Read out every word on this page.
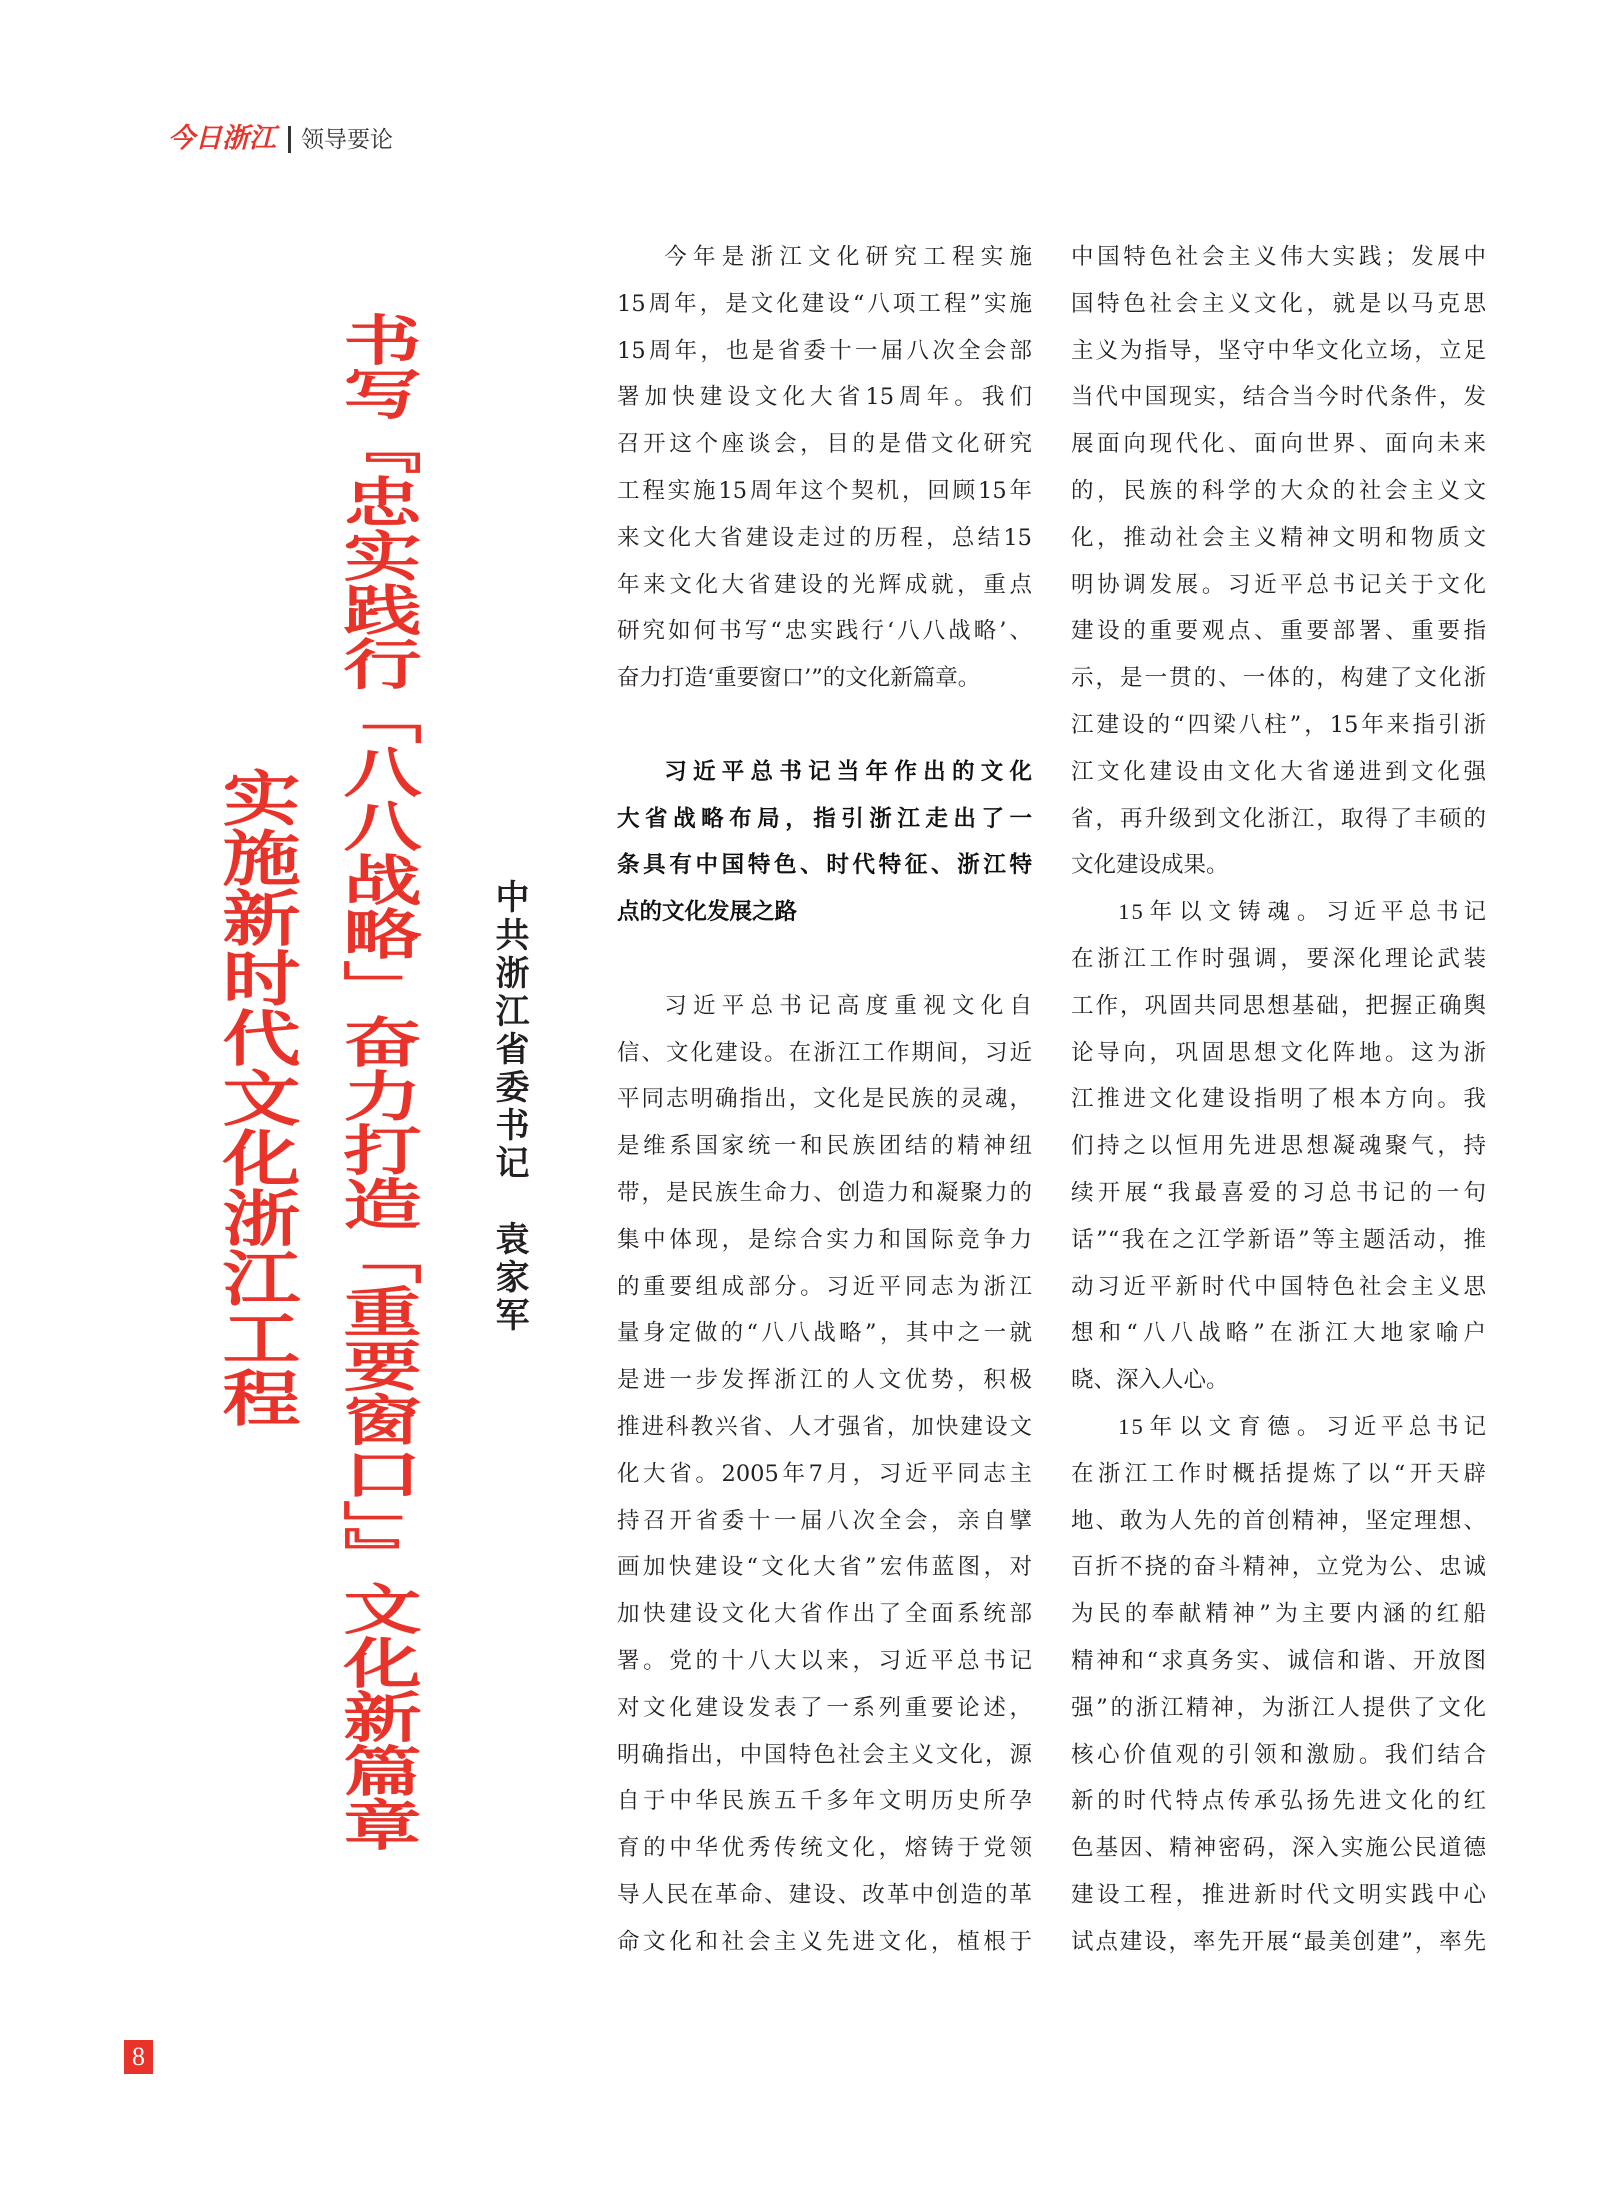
今日浙江 领导要论
书写『忠实践行「八八战略」奋力打造「重要窗口」』文化新篇章
实施新时代文化浙江工程	中共浙江省委书记　袁家军
今年是浙江文化研究工程实施
15周年，是文化建设“八项工程”实施
15周年，也是省委十一届八次全会部
署加快建设文化大省15周年。我们
召开这个座谈会，目的是借文化研究
工程实施15周年这个契机，回顾15年
来文化大省建设走过的历程，总结15
年来文化大省建设的光辉成就，重点
研究如何书写“忠实践行‘八八战略’、
奋力打造‘重要窗口’”的文化新篇章。
习近平总书记当年作出的文化
大省战略布局，指引浙江走出了一
条具有中国特色、时代特征、浙江特
点的文化发展之路
习近平总书记高度重视文化自
信、文化建设。在浙江工作期间，习近
平同志明确指出，文化是民族的灵魂，
是维系国家统一和民族团结的精神纽
带，是民族生命力、创造力和凝聚力的
集中体现，是综合实力和国际竞争力
的重要组成部分。习近平同志为浙江
量身定做的“八八战略”，其中之一就
是进一步发挥浙江的人文优势，积极
推进科教兴省、人才强省，加快建设文
化大省。2005年7月，习近平同志主
持召开省委十一届八次全会，亲自擘
画加快建设“文化大省”宏伟蓝图，对
加快建设文化大省作出了全面系统部
署。党的十八大以来，习近平总书记
对文化建设发表了一系列重要论述，
明确指出，中国特色社会主义文化，源
自于中华民族五千多年文明历史所孕
育的中华优秀传统文化，熔铸于党领
导人民在革命、建设、改革中创造的革
命文化和社会主义先进文化，植根于
中国特色社会主义伟大实践；发展中
国特色社会主义文化，就是以马克思
主义为指导，坚守中华文化立场，立足
当代中国现实，结合当今时代条件，发
展面向现代化、面向世界、面向未来
的，民族的科学的大众的社会主义文
化，推动社会主义精神文明和物质文
明协调发展。习近平总书记关于文化
建设的重要观点、重要部署、重要指
示，是一贯的、一体的，构建了文化浙
江建设的“四梁八柱”，15年来指引浙
江文化建设由文化大省递进到文化强
省，再升级到文化浙江，取得了丰硕的
文化建设成果。
15年以文铸魂。习近平总书记
在浙江工作时强调，要深化理论武装
工作，巩固共同思想基础，把握正确舆
论导向，巩固思想文化阵地。这为浙
江推进文化建设指明了根本方向。我
们持之以恒用先进思想凝魂聚气，持
续开展“我最喜爱的习总书记的一句
话”“我在之江学新语”等主题活动，推
动习近平新时代中国特色社会主义思
想和“八八战略”在浙江大地家喻户
晓、深入人心。
15年以文育德。习近平总书记
在浙江工作时概括提炼了以“开天辟
地、敢为人先的首创精神，坚定理想、
百折不挠的奋斗精神，立党为公、忠诚
为民的奉献精神”为主要内涵的红船
精神和“求真务实、诚信和谐、开放图
强”的浙江精神，为浙江人提供了文化
核心价值观的引领和激励。我们结合
新的时代特点传承弘扬先进文化的红
色基因、精神密码，深入实施公民道德
建设工程，推进新时代文明实践中心
试点建设，率先开展“最美创建”，率先
8
